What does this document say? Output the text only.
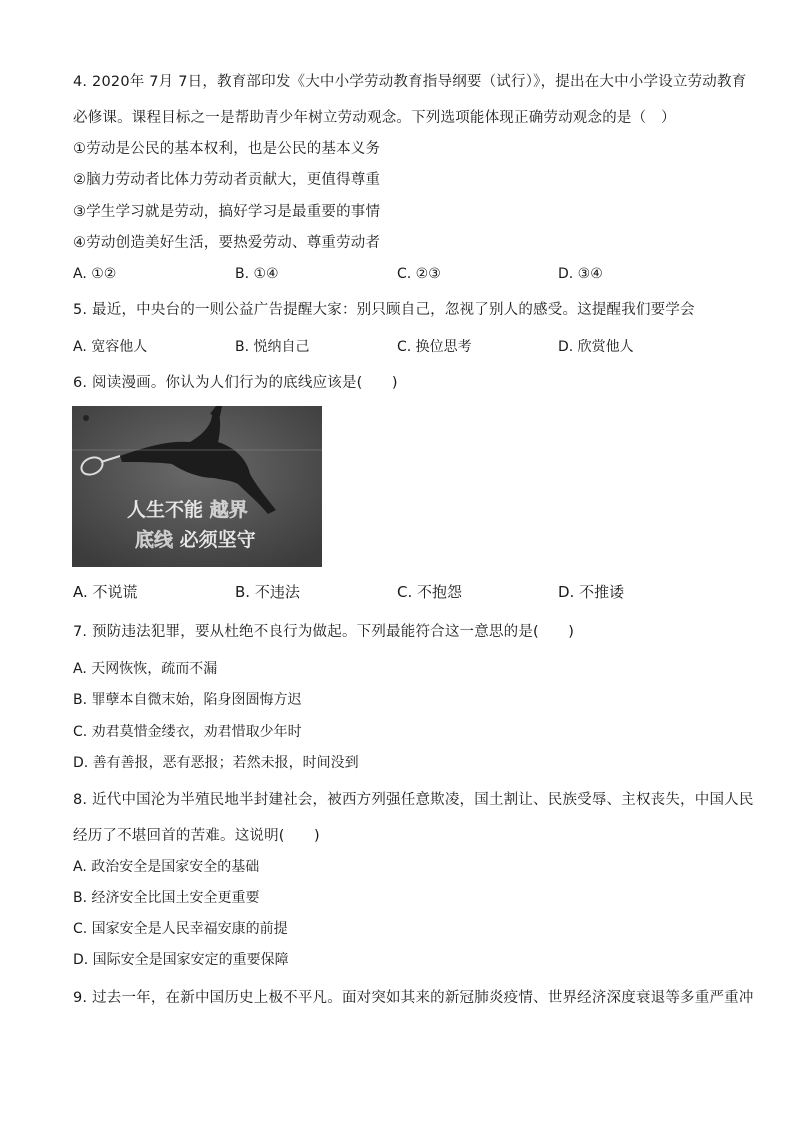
4. 2020年 7月 7日，教育部印发《大中小学劳动教育指导纲要（试行）》，提出在大中小学设立劳动教育
必修课。课程目标之一是帮助青少年树立劳动观念。下列选项能体现正确劳动观念的是（　）
①劳动是公民的基本权利，也是公民的基本义务
②脑力劳动者比体力劳动者贡献大，更值得尊重
③学生学习就是劳动，搞好学习是最重要的事情
④劳动创造美好生活，要热爱劳动、尊重劳动者
A. ①②	B. ①④	C. ②③	D. ③④
5. 最近，中央台的一则公益广告提醒大家：别只顾自己，忽视了别人的感受。这提醒我们要学会
A. 宽容他人	B. 悦纳自己	C. 换位思考	D. 欣赏他人
6. 阅读漫画。你认为人们行为的底线应该是(　　)
人生不能 越界
底线 必须坚守
A. 不说谎	B. 不违法	C. 不抱怨	D. 不推诿
7. 预防违法犯罪，要从杜绝不良行为做起。下列最能符合这一意思的是(　　)
A. 天网恢恢，疏而不漏
B. 罪孽本自微末始，陷身囹圄悔方迟
C. 劝君莫惜金缕衣，劝君惜取少年时
D. 善有善报，恶有恶报；若然未报，时间没到
8. 近代中国沦为半殖民地半封建社会，被西方列强任意欺凌，国土割让、民族受辱、主权丧失，中国人民
经历了不堪回首的苦难。这说明(　　)
A. 政治安全是国家安全的基础
B. 经济安全比国土安全更重要
C. 国家安全是人民幸福安康的前提
D. 国际安全是国家安定的重要保障
9. 过去一年，在新中国历史上极不平凡。面对突如其来的新冠肺炎疫情、世界经济深度衰退等多重严重冲
